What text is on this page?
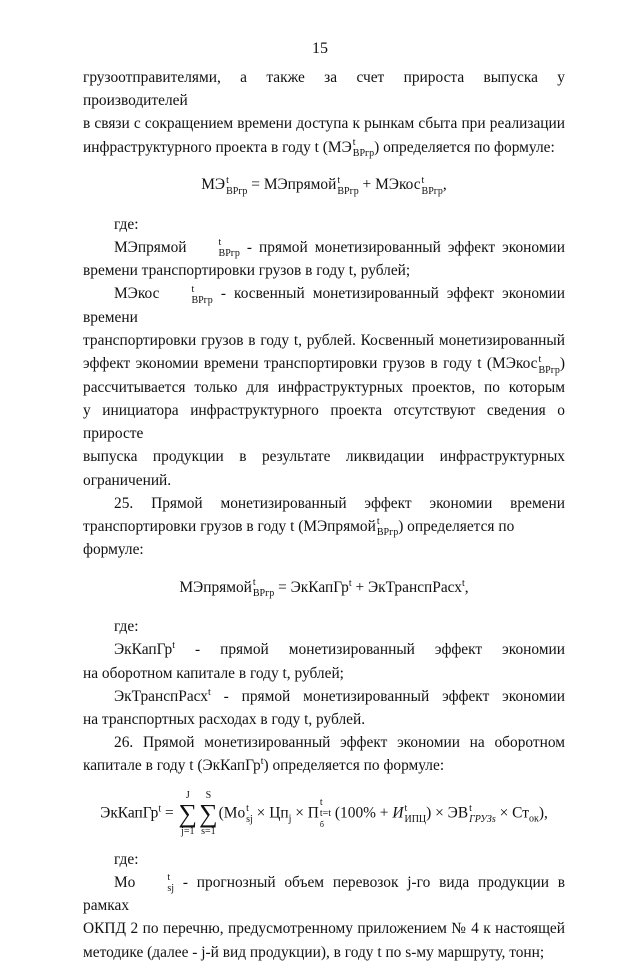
15
грузоотправителями, а также за счет прироста выпуска у производителей
в связи с сокращением времени доступа к рынкам сбыта при реализации
инфраструктурного проекта в году t (МЭ t
ВРгр ) определяется по формуле:
МЭ t
ВРгр = МЭпрямой t
ВРгр + МЭкос t
ВРгр ,
где:
МЭпрямой	t
ВРгр - прямой монетизированный эффект экономии
времени транспортировки грузов в году t, рублей;
МЭкос	t
ВРгр - косвенный монетизированный эффект экономии времени
транспортировки грузов в году t, рублей. Косвенный монетизированный
эффект экономии времени транспортировки грузов в году t (МЭкос t
ВРгр )
рассчитывается только для инфраструктурных проектов, по которым
у инициатора инфраструктурного проекта отсутствуют сведения о приросте
выпуска продукции в результате ликвидации инфраструктурных
ограничений.
25. Прямой монетизированный эффект экономии времени
транспортировки грузов в году t (МЭпрямой t
ВРгр ) определяется по формуле:
МЭпрямой t
ВРгр = ЭкКапГр$^t$ + ЭкТранспРасх$^t$,
где:
ЭкКапГр$^t$ - прямой монетизированный эффект экономии
на оборотном капитале в году t, рублей;
ЭкТранспРасх$^t$ - прямой монетизированный эффект экономии
на транспортных расходах в году t, рублей.
26. Прямой монетизированный эффект экономии на оборотном
капитале в году t (ЭкКапГр$^t$) определяется по формуле:
ЭкКапГр$^t$ =
J
∑
j=1
S
∑
s=1
(Mo t
sj × $Цп_j \times П$
t
t=t
б
(100% + И t
ИПЦ ) × ЭВ t
ГРУЗs × $Ст_{ок}$),
где:
Mo	t
sj - прогнозный объем перевозок j-го вида продукции в рамках
ОКПД 2 по перечню, предусмотренному приложением № 4 к настоящей
методике (далее - j-й вид продукции), в году t по s-му маршруту, тонн;
